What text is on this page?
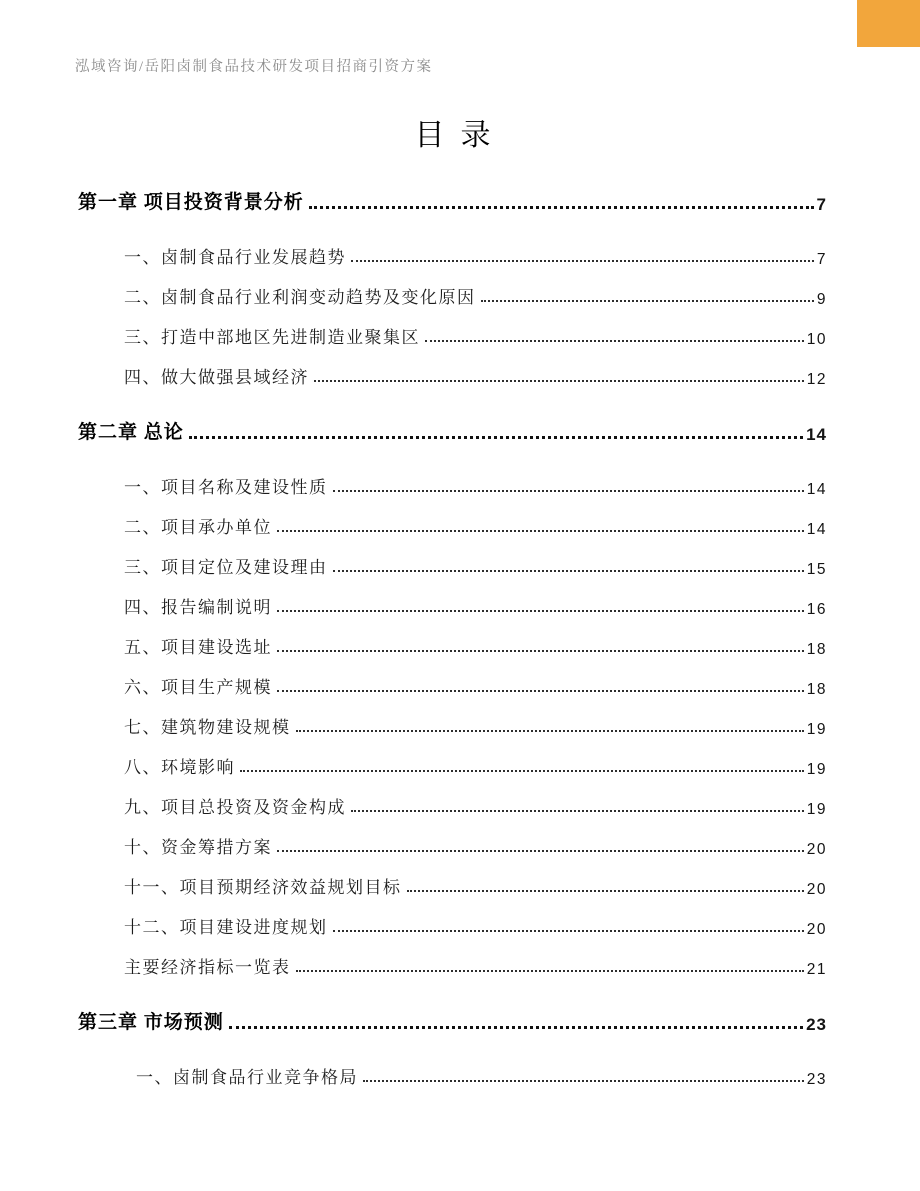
泓域咨询/岳阳卤制食品技术研发项目招商引资方案
目录
第一章 项目投资背景分析	7
一、卤制食品行业发展趋势	7
二、卤制食品行业利润变动趋势及变化原因	9
三、打造中部地区先进制造业聚集区	10
四、做大做强县域经济	12
第二章 总论	14
一、项目名称及建设性质	14
二、项目承办单位	14
三、项目定位及建设理由	15
四、报告编制说明	16
五、项目建设选址	18
六、项目生产规模	18
七、建筑物建设规模	19
八、环境影响	19
九、项目总投资及资金构成	19
十、资金筹措方案	20
十一、项目预期经济效益规划目标	20
十二、项目建设进度规划	20
主要经济指标一览表	21
第三章 市场预测	23
一、卤制食品行业竞争格局	23
